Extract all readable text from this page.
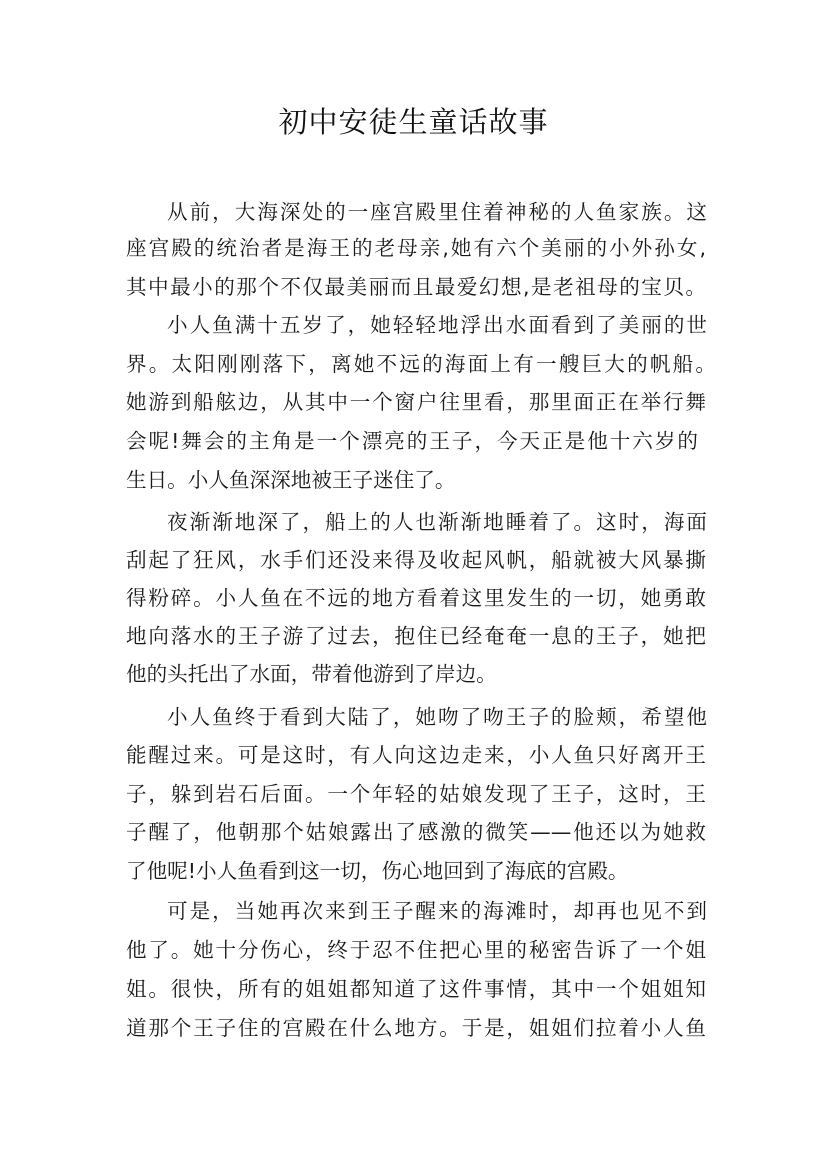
初中安徒生童话故事
从前，大海深处的一座宫殿里住着神秘的人鱼家族。这
座宫殿的统治者是海王的老母亲,她有六个美丽的小外孙女,
其中最小的那个不仅最美丽而且最爱幻想,是老祖母的宝贝。
小人鱼满十五岁了，她轻轻地浮出水面看到了美丽的世
界。太阳刚刚落下，离她不远的海面上有一艘巨大的帆船。
她游到船舷边，从其中一个窗户往里看，那里面正在举行舞
会呢!舞会的主角是一个漂亮的王子，今天正是他十六岁的
生日。小人鱼深深地被王子迷住了。
夜渐渐地深了，船上的人也渐渐地睡着了。这时，海面
刮起了狂风，水手们还没来得及收起风帆，船就被大风暴撕
得粉碎。小人鱼在不远的地方看着这里发生的一切，她勇敢
地向落水的王子游了过去，抱住已经奄奄一息的王子，她把
他的头托出了水面，带着他游到了岸边。
小人鱼终于看到大陆了，她吻了吻王子的脸颊，希望他
能醒过来。可是这时，有人向这边走来，小人鱼只好离开王
子，躲到岩石后面。一个年轻的姑娘发现了王子，这时，王
子醒了，他朝那个姑娘露出了感激的微笑——他还以为她救
了他呢!小人鱼看到这一切，伤心地回到了海底的宫殿。
可是，当她再次来到王子醒来的海滩时，却再也见不到
他了。她十分伤心，终于忍不住把心里的秘密告诉了一个姐
姐。很快，所有的姐姐都知道了这件事情，其中一个姐姐知
道那个王子住的宫殿在什么地方。于是，姐姐们拉着小人鱼
